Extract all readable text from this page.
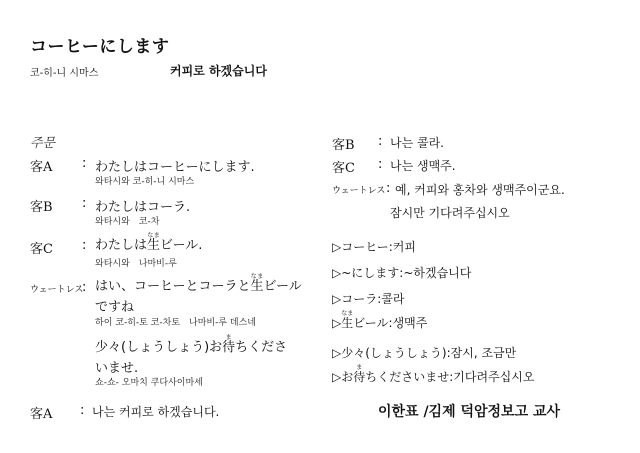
コーヒーにします
코-히-니 시마스	커피로 하겠습니다
주문
客A : わたしはコーヒーにします.
와타시와 코-히-니 시마스
客B : わたしはコーラ.
와타시와　코-차
客C : わたしは生なまビール.
와타시와　나마비-루
ウェートレス
: はい、コーヒーとコーラと生なまビール
ですね
하이 코-히-토 코-차토　나마비-루 데스네
少々(しょうしょう)お待まちくださ
いませ.
쇼-쇼- 오마치 쿠다사이마세
客A : 나는 커피로 하겠습니다.
客B : 나는 콜라.
客C : 나는 생맥주.
ウェートレス : 예, 커피와 홍차와 생맥주이군요.
잠시만 기다려주십시오
▷コーヒー:커피
▷~にします:~하겠습니다
▷コーラ:콜라
▷生なまビール:생맥주
▷少々(しょうしょう):잠시, 조금만
▷お待まちくださいませ:기다려주십시오
이한표 /김제 덕암정보고 교사
